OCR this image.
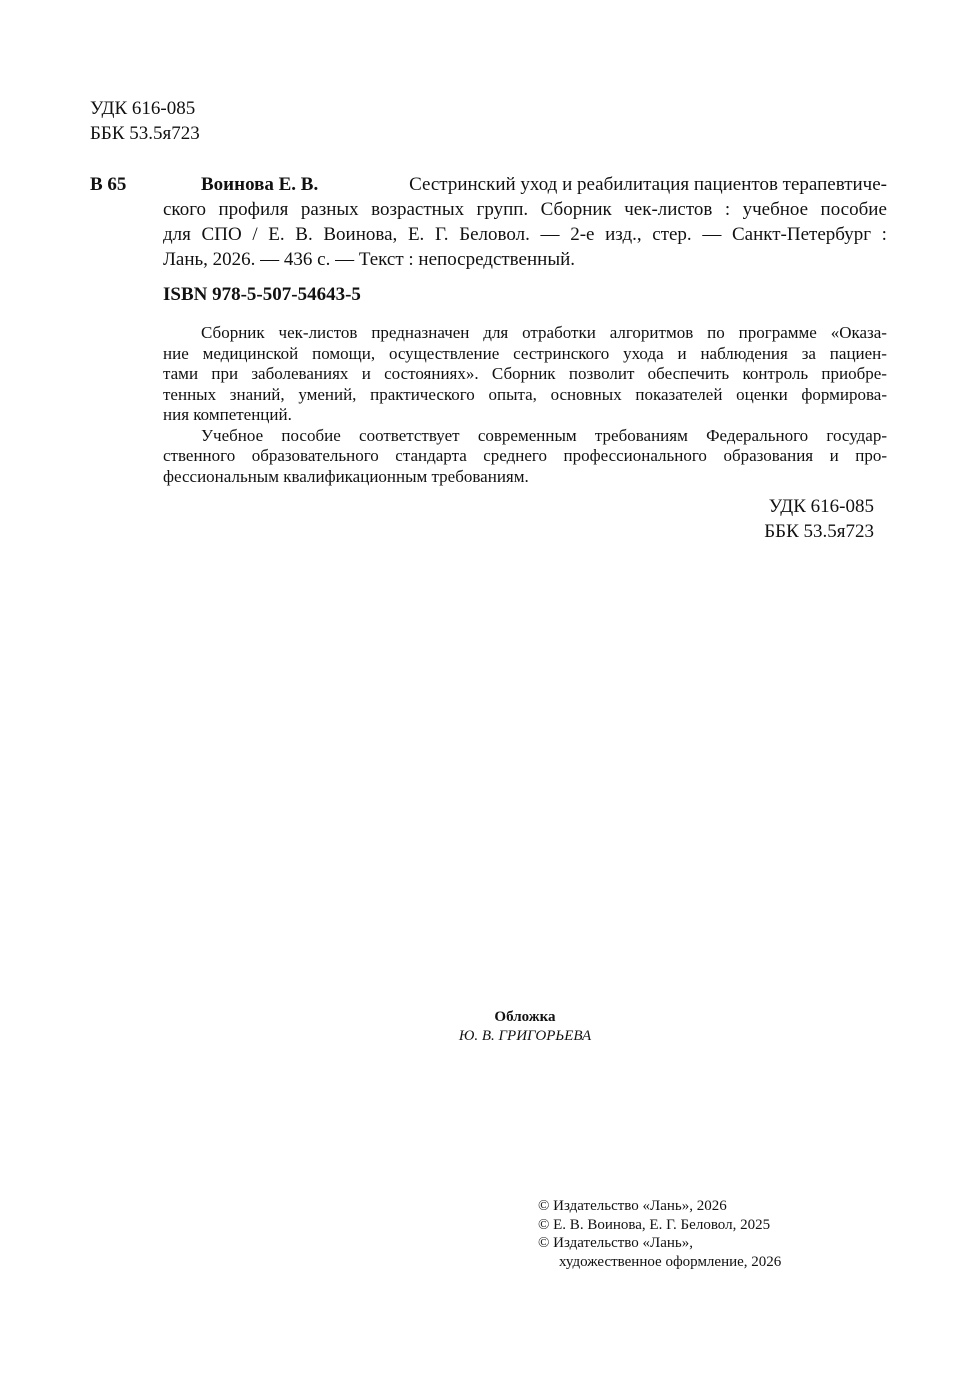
УДК 616-085
ББК 53.5я723
В 65	Воинова Е. В.	Сестринский уход и реабилитация пациентов терапевтиче-
ского профиля разных возрастных групп. Сборник чек-листов : учебное пособие
для СПО / Е. В. Воинова, Е. Г. Беловол. — 2-е изд., стер. — Санкт-Петербург :
Лань, 2026. — 436 с. — Текст : непосредственный.
ISBN 978-5-507-54643-5
Сборник чек-листов предназначен для отработки алгоритмов по программе «Оказа-
ние медицинской помощи, осуществление сестринского ухода и наблюдения за пациен-
тами при заболеваниях и состояниях». Сборник позволит обеспечить контроль приобре-
тенных знаний, умений, практического опыта, основных показателей оценки формирова-
ния компетенций.
Учебное пособие соответствует современным требованиям Федерального государ-
ственного образовательного стандарта среднего профессионального образования и про-
фессиональным квалификационным требованиям.
УДК 616-085
ББК 53.5я723
Обложка
Ю. В. ГРИГОРЬЕВА
© Издательство «Лань», 2026
© Е. В. Воинова, Е. Г. Беловол, 2025
© Издательство «Лань»,
художественное оформление, 2026
